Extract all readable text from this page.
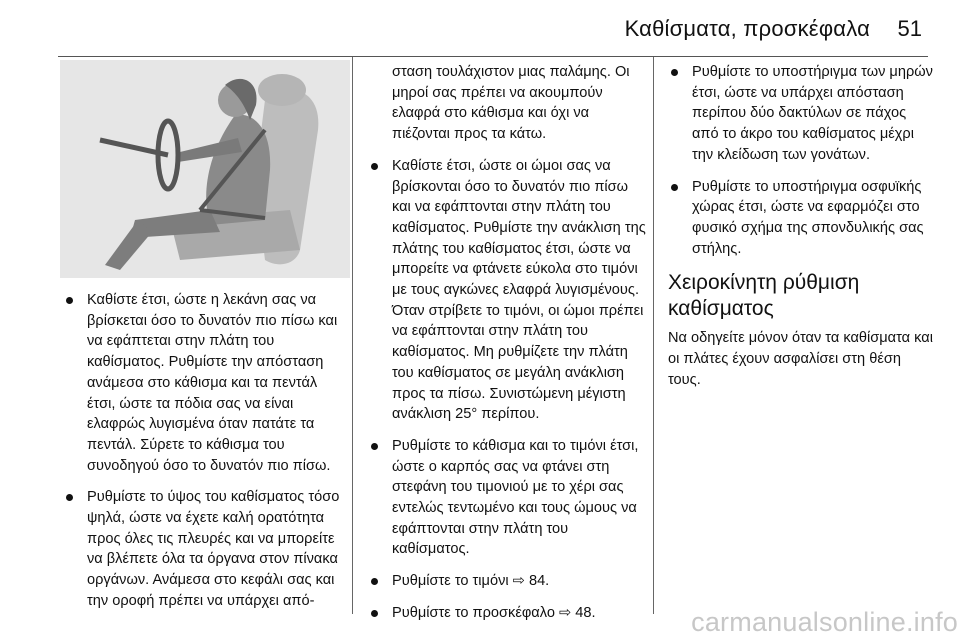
Καθίσματα, προσκέφαλα 51
Καθίστε έτσι, ώστε η λεκάνη σας να βρίσκεται όσο το δυνατόν πιο πίσω και να εφάπτεται στην πλάτη του καθίσματος. Ρυθμίστε την απόσταση ανάμεσα στο κάθισμα και τα πεντάλ έτσι, ώστε τα πόδια σας να είναι ελαφρώς λυγισμένα όταν πατάτε τα πεντάλ. Σύρετε το κάθισμα του συνοδηγού όσο το δυνατόν πιο πίσω.
Ρυθμίστε το ύψος του καθίσματος τόσο ψηλά, ώστε να έχετε καλή ορατότητα προς όλες τις πλευρές και να μπορείτε να βλέπετε όλα τα όργανα στον πίνακα οργάνων. Ανάμεσα στο κεφάλι σας και την οροφή πρέπει να υπάρχει από-
σταση τουλάχιστον μιας παλάμης. Οι μηροί σας πρέπει να ακουμπούν ελαφρά στο κάθισμα και όχι να πιέζονται προς τα κάτω.
Καθίστε έτσι, ώστε οι ώμοι σας να βρίσκονται όσο το δυνατόν πιο πίσω και να εφάπτονται στην πλάτη του καθίσματος. Ρυθμίστε την ανάκλιση της πλάτης του καθίσματος έτσι, ώστε να μπορείτε να φτάνετε εύκολα στο τιμόνι με τους αγκώνες ελαφρά λυγισμένους. Όταν στρίβετε το τιμόνι, οι ώμοι πρέπει να εφάπτονται στην πλάτη του καθίσματος. Μη ρυθμίζετε την πλάτη του καθίσματος σε μεγάλη ανάκλιση προς τα πίσω. Συνιστώμενη μέγιστη ανάκλιση 25° περίπου.
Ρυθμίστε το κάθισμα και το τιμόνι έτσι, ώστε ο καρπός σας να φτάνει στη στεφάνη του τιμονιού με το χέρι σας εντελώς τεντωμένο και τους ώμους να εφάπτονται στην πλάτη του καθίσματος.
Ρυθμίστε το τιμόνι ⇨ 84.
Ρυθμίστε το προσκέφαλο ⇨ 48.
Ρυθμίστε το υποστήριγμα των μηρών έτσι, ώστε να υπάρχει απόσταση περίπου δύο δακτύλων σε πάχος από το άκρο του καθίσματος μέχρι την κλείδωση των γονάτων.
Ρυθμίστε το υποστήριγμα οσφυϊκής χώρας έτσι, ώστε να εφαρμόζει στο φυσικό σχήμα της σπονδυλικής σας στήλης.
Χειροκίνητη ρύθμιση καθίσματος

Να οδηγείτε μόνον όταν τα καθίσματα και οι πλάτες έχουν ασφαλίσει στη θέση τους.

carmanualsonline.info
